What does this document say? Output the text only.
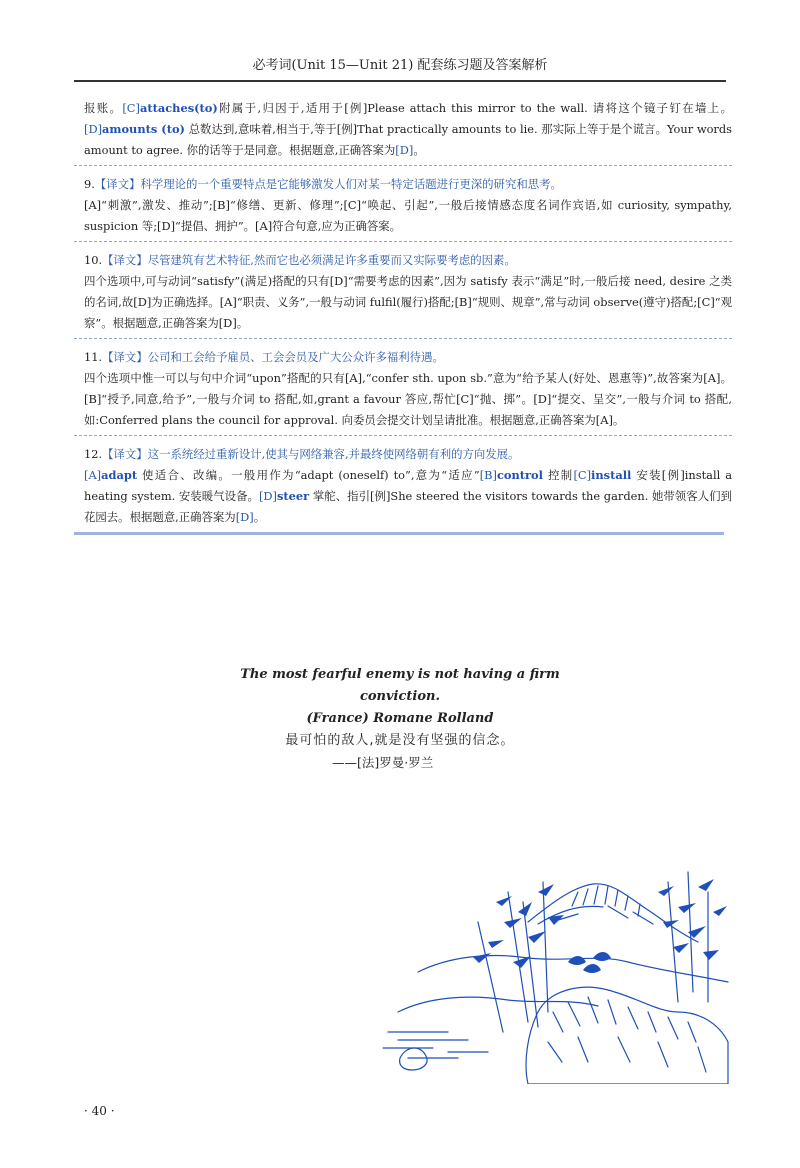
必考词(Unit 15—Unit 21) 配套练习题及答案解析

报账。[C]attaches(to)附属于,归因于,适用于[例]Please attach this mirror to the wall. 请将这个镜子钉在墙上。[D]amounts (to) 总数达到,意味着,相当于,等于[例]That practically amounts to lie. 那实际上等于是个谎言。Your words amount to agree. 你的话等于是同意。根据题意,正确答案为[D]。

9.【译文】科学理论的一个重要特点是它能够激发人们对某一特定话题进行更深的研究和思考。

[A]“刺激”,激发、推动”;[B]“修缮、更新、修理”;[C]“唤起、引起”,一般后接情感态度名词作宾语,如 curiosity, sympathy, suspicion 等;[D]“提倡、拥护”。[A]符合句意,应为正确答案。

10.【译文】尽管建筑有艺术特征,然而它也必须满足许多重要而又实际要考虑的因素。

四个选项中,可与动词“satisfy”(满足)搭配的只有[D]“需要考虑的因素”,因为 satisfy 表示“满足”时,一般后接 need, desire 之类的名词,故[D]为正确选择。[A]“职责、义务”,一般与动词 fulfil(履行)搭配;[B]“规则、规章”,常与动词 observe(遵守)搭配;[C]“观察”。根据题意,正确答案为[D]。

11.【译文】公司和工会给予雇员、工会会员及广大公众许多福利待遇。

四个选项中惟一可以与句中介词“upon”搭配的只有[A],“confer sth. upon sb.”意为“给予某人(好处、恩惠等)”,故答案为[A]。[B]“授予,同意,给予”,一般与介词 to 搭配,如,grant a favour 答应,帮忙[C]“抛、掷”。[D]“提交、呈交”,一般与介词 to 搭配,如:Conferred plans the council for approval. 向委员会提交计划呈请批准。根据题意,正确答案为[A]。

12.【译文】这一系统经过重新设计,使其与网络兼容,并最终使网络朝有利的方向发展。

[A]adapt 使适合、改编。一般用作为“adapt (oneself) to”,意为“适应”[B]control 控制[C]install 安装[例]install a heating system. 安装暖气设备。[D]steer 掌舵、指引[例]She steered the visitors towards the garden. 她带领客人们到花园去。根据题意,正确答案为[D]。

The most fearful enemy is not having a firm conviction.
(France) Romane Rolland
最可怕的敌人,就是没有坚强的信念。
——[法]罗曼·罗兰
· 40 ·
